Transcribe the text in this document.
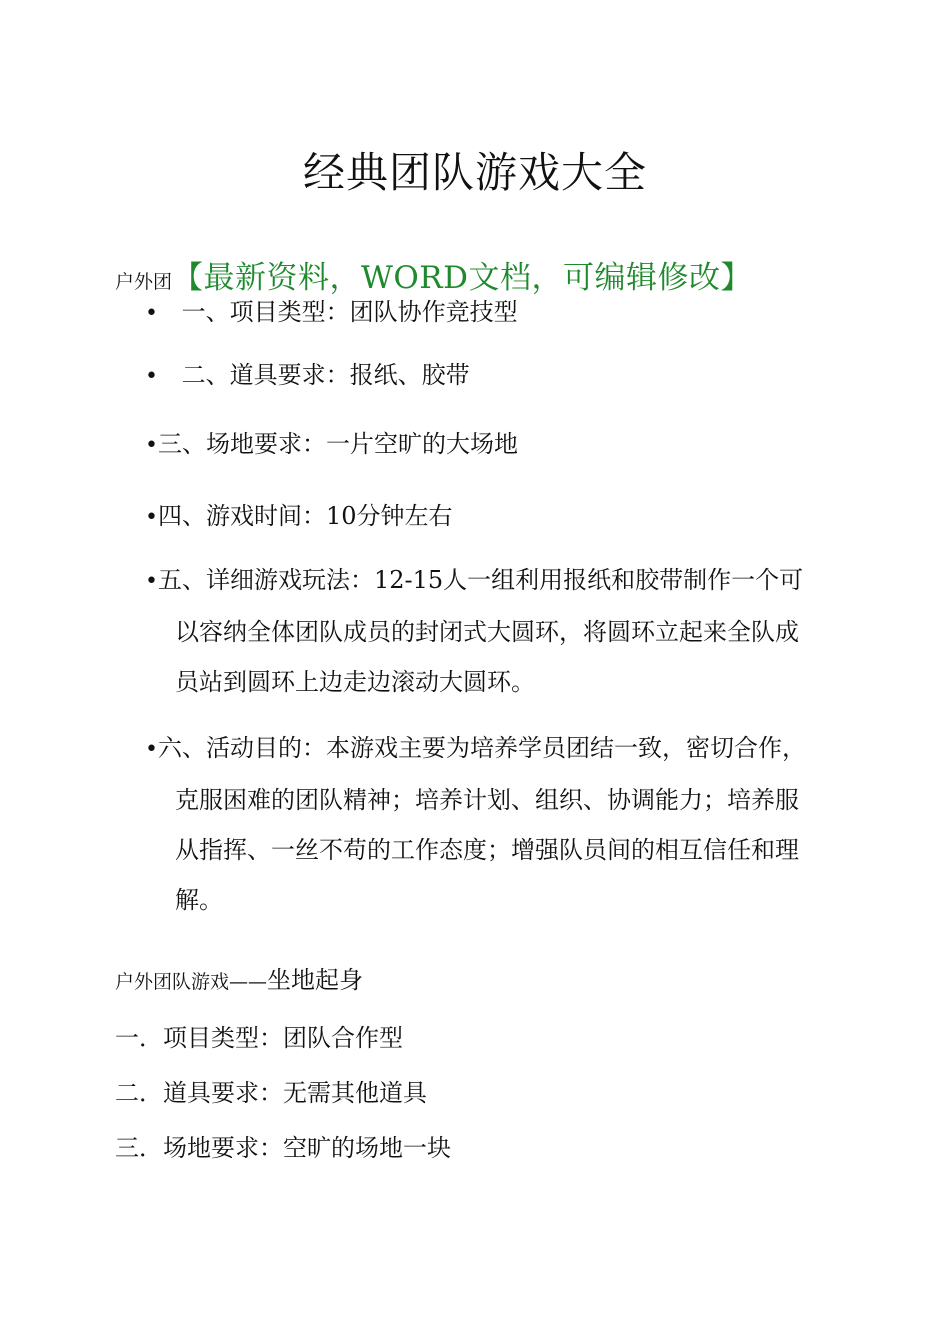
经典团队游戏大全
户外团【最新资料，WORD文档，可编辑修改】
• 一、项目类型：团队协作竞技型
• 二、道具要求：报纸、胶带
•三、场地要求：一片空旷的大场地
•四、游戏时间：10分钟左右
•五、详细游戏玩法：12-15人一组利用报纸和胶带制作一个可
以容纳全体团队成员的封闭式大圆环，将圆环立起来全队成
员站到圆环上边走边滚动大圆环。
•六、活动目的：本游戏主要为培养学员团结一致，密切合作，
克服困难的团队精神；培养计划、组织、协调能力；培养服
从指挥、一丝不苟的工作态度；增强队员间的相互信任和理
解。
户外团队游戏——坐地起身
一．项目类型：团队合作型
二．道具要求：无需其他道具
三．场地要求：空旷的场地一块
